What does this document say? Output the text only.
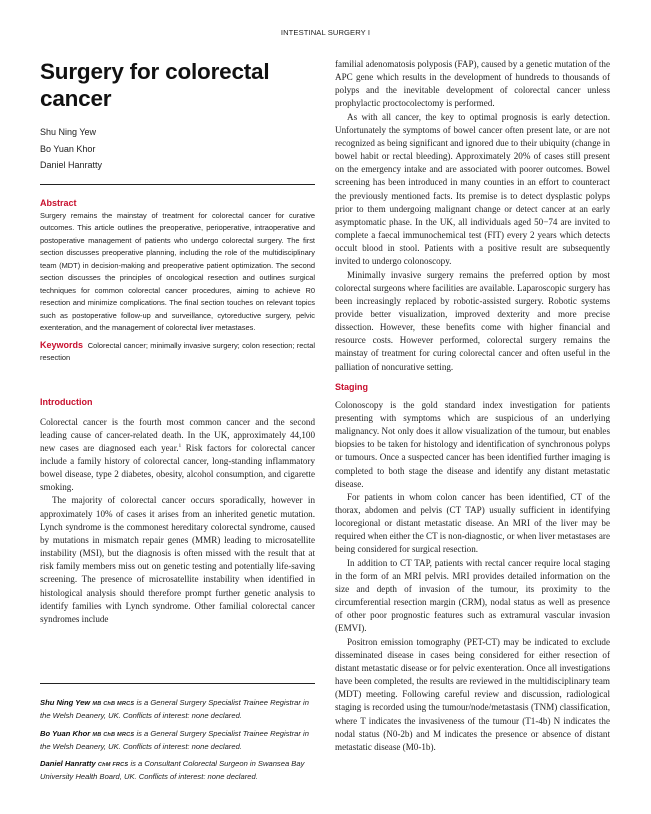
INTESTINAL SURGERY I
Surgery for colorectal cancer
Shu Ning Yew
Bo Yuan Khor
Daniel Hanratty
Abstract

Surgery remains the mainstay of treatment for colorectal cancer for curative outcomes. This article outlines the preoperative, perioperative, intraoperative and postoperative management of patients who undergo colorectal surgery. The first section discusses preoperative planning, including the role of the multidisciplinary team (MDT) in decision-making and preoperative patient optimization. The second section discusses the principles of oncological resection and outlines surgical techniques for common colorectal cancer procedures, aiming to achieve R0 resection and minimize complications. The final section touches on relevant topics such as postoperative follow-up and surveillance, cytoreductive surgery, pelvic exenteration, and the management of colorectal liver metastases.

Keywords Colorectal cancer; minimally invasive surgery; colon resection; rectal resection
Introduction

Colorectal cancer is the fourth most common cancer and the second leading cause of cancer-related death. In the UK, approximately 44,100 new cases are diagnosed each year.$^1$ Risk factors for colorectal cancer include a family history of colorectal cancer, long-standing inflammatory bowel disease, type 2 diabetes, obesity, alcohol consumption, and cigarette smoking.

The majority of colorectal cancer occurs sporadically, however in approximately 10% of cases it arises from an inherited genetic mutation. Lynch syndrome is the commonest hereditary colorectal syndrome, caused by mutations in mismatch repair genes (MMR) leading to microsatellite instability (MSI), but the diagnosis is often missed with the result that at risk family members miss out on genetic testing and potentially life-saving screening. The presence of microsatellite instability when identified in histological analysis should therefore prompt further genetic analysis to identify families with Lynch syndrome. Other familial colorectal cancer syndromes include

Shu Ning Yew MB ChB MRCS is a General Surgery Specialist Trainee Registrar in the Welsh Deanery, UK. Conflicts of interest: none declared.

Bo Yuan Khor MB ChB MRCS is a General Surgery Specialist Trainee Registrar in the Welsh Deanery, UK. Conflicts of interest: none declared.

Daniel Hanratty ChM FRCS is a Consultant Colorectal Surgeon in Swansea Bay University Health Board, UK. Conflicts of interest: none declared.

familial adenomatosis polyposis (FAP), caused by a genetic mutation of the APC gene which results in the development of hundreds to thousands of polyps and the inevitable development of colorectal cancer unless prophylactic proctocolectomy is performed.

As with all cancer, the key to optimal prognosis is early detection. Unfortunately the symptoms of bowel cancer often present late, or are not recognized as being significant and ignored due to their ubiquity (change in bowel habit or rectal bleeding). Approximately 20% of cases still present on the emergency intake and are associated with poorer outcomes. Bowel screening has been introduced in many counties in an effort to counteract the previously mentioned facts. Its premise is to detect dysplastic polyps prior to them undergoing malignant change or detect cancer at an early asymptomatic phase. In the UK, all individuals aged 50−74 are invited to complete a faecal immunochemical test (FIT) every 2 years which detects occult blood in stool. Patients with a positive result are subsequently invited to undergo colonoscopy.

Minimally invasive surgery remains the preferred option by most colorectal surgeons where facilities are available. Laparoscopic surgery has been increasingly replaced by robotic-assisted surgery. Robotic systems provide better visualization, improved dexterity and more precise dissection. However, these benefits come with higher financial and resource costs. However performed, colorectal surgery remains the mainstay of treatment for curing colorectal cancer and often useful in the palliation of noncurative setting.

Staging

Colonoscopy is the gold standard index investigation for patients presenting with symptoms which are suspicious of an underlying malignancy. Not only does it allow visualization of the tumour, but enables biopsies to be taken for histology and identification of synchronous polyps or tumours. Once a suspected cancer has been identified further imaging is completed to both stage the disease and identify any distant metastatic disease.

For patients in whom colon cancer has been identified, CT of the thorax, abdomen and pelvis (CT TAP) usually sufficient in identifying locoregional or distant metastatic disease. An MRI of the liver may be required when either the CT is non-diagnostic, or when liver metastases are being considered for surgical resection.

In addition to CT TAP, patients with rectal cancer require local staging in the form of an MRI pelvis. MRI provides detailed information on the size and depth of invasion of the tumour, its proximity to the circumferential resection margin (CRM), nodal status as well as presence of other poor prognostic features such as extramural vascular invasion (EMVI).

Positron emission tomography (PET-CT) may be indicated to exclude disseminated disease in cases being considered for either resection of distant metastatic disease or for pelvic exenteration. Once all investigations have been completed, the results are reviewed in the multidisciplinary team (MDT) meeting. Following careful review and discussion, radiological staging is recorded using the tumour/node/metastasis (TNM) classification, where T indicates the invasiveness of the tumour (T1-4b) N indicates the nodal status (N0-2b) and M indicates the presence or absence of distant metastatic disease (M0-1b).
